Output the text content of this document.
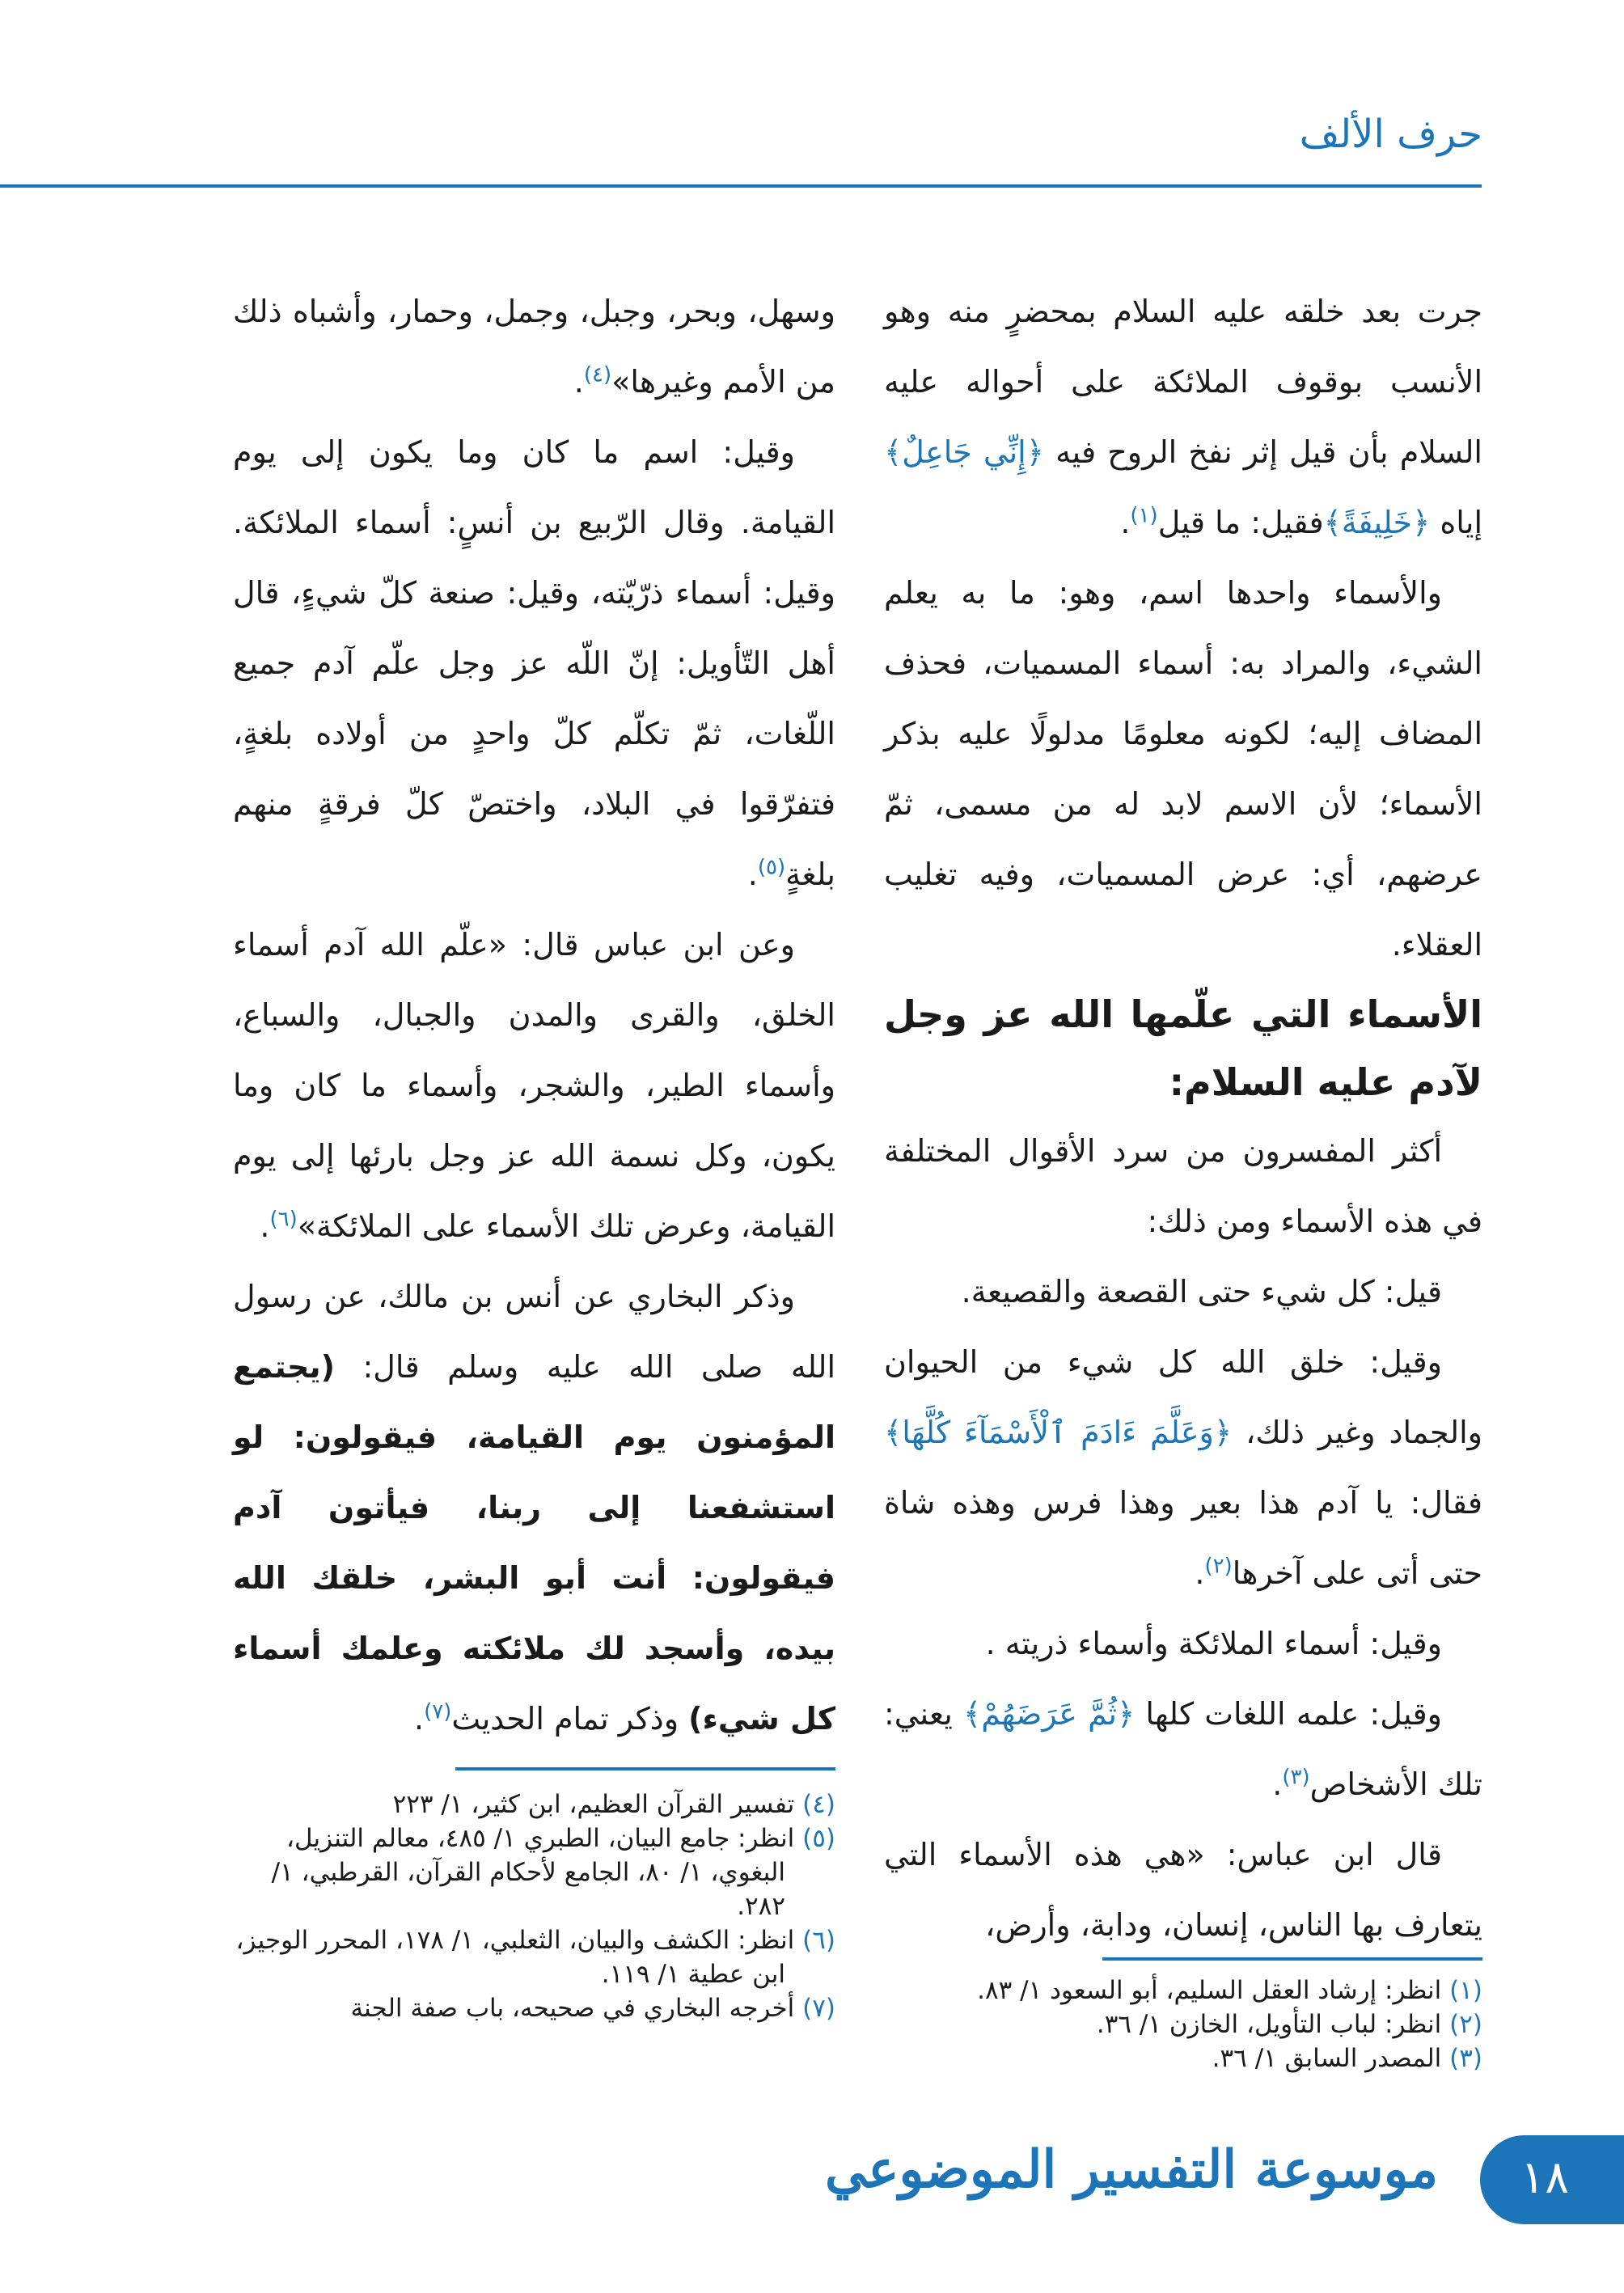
حرف الألف

جرت بعد خلقه عليه السلام بمحضرٍ منه وهو الأنسب بوقوف الملائكة على أحواله عليه السلام بأن قيل إثر نفخ الروح فيه ﴿إِنِّي جَاعِلٌ﴾إياه ﴿خَلِيفَةً﴾فقيل: ما قيل$^{(١)}$.

والأسماء واحدها اسم، وهو: ما به يعلم الشيء، والمراد به: أسماء المسميات، فحذف المضاف إليه؛ لكونه معلومًا مدلولًا عليه بذكر الأسماء؛ لأن الاسم لابد له من مسمى، ثمّ عرضهم، أي: عرض المسميات، وفيه تغليب العقلاء.

الأسماء التي علّمها الله عز وجل لآدم عليه السلام:

أكثر المفسرون من سرد الأقوال المختلفة في هذه الأسماء ومن ذلك:

قيل: كل شيء حتى القصعة والقصيعة.

وقيل: خلق الله كل شيء من الحيوان والجماد وغير ذلك، ﴿وَعَلَّمَ ءَادَمَ ٱلْأَسْمَآءَ كُلَّهَا﴾فقال: يا آدم هذا بعير وهذا فرس وهذه شاة حتى أتى على آخرها$^{(٢)}$.

وقيل: أسماء الملائكة وأسماء ذريته .

وقيل: علمه اللغات كلها ﴿ثُمَّ عَرَضَهُمْ﴾ يعني: تلك الأشخاص$^{(٣)}$.

قال ابن عباس: «هي هذه الأسماء التي يتعارف بها الناس، إنسان، ودابة، وأرض،

وسهل، وبحر، وجبل، وجمل، وحمار، وأشباه ذلك من الأمم وغيرها»$^{(٤)}$.

وقيل: اسم ما كان وما يكون إلى يوم القيامة. وقال الرّبيع بن أنسٍ: أسماء الملائكة. وقيل: أسماء ذرّيّته، وقيل: صنعة كلّ شيءٍ، قال أهل التّأويل: إنّ اللّه عز وجل علّم آدم جميع اللّغات، ثمّ تكلّم كلّ واحدٍ من أولاده بلغةٍ، فتفرّقوا في البلاد، واختصّ كلّ فرقةٍ منهم بلغةٍ$^{(٥)}$.

وعن ابن عباس قال: «علّم الله آدم أسماء الخلق، والقرى والمدن والجبال، والسباع، وأسماء الطير، والشجر، وأسماء ما كان وما يكون، وكل نسمة الله عز وجل بارئها إلى يوم القيامة، وعرض تلك الأسماء على الملائكة»$^{(٦)}$.

وذكر البخاري عن أنس بن مالك، عن رسول الله صلى الله عليه وسلم قال: (يجتمع المؤمنون يوم القيامة، فيقولون: لو استشفعنا إلى ربنا، فيأتون آدم فيقولون: أنت أبو البشر، خلقك الله بيده، وأسجد لك ملائكته وعلمك أسماء كل شيء) وذكر تمام الحديث$^{(٧)}$.

(١) انظر: إرشاد العقل السليم، أبو السعود ١/ ٨٣.

(٢) انظر: لباب التأويل، الخازن ١/ ٣٦.

(٣) المصدر السابق ١/ ٣٦.

(٤) تفسير القرآن العظيم، ابن كثير، ١/ ٢٢٣

(٥) انظر: جامع البيان، الطبري ١/ ٤٨٥، معالم التنزيل، البغوي، ١/ ٨٠، الجامع لأحكام القرآن، القرطبي، ١/ ٢٨٢.

(٦) انظر: الكشف والبيان، الثعلبي، ١/ ١٧٨، المحرر الوجيز، ابن عطية ١/ ١١٩.

(٧) أخرجه البخاري في صحيحه، باب صفة الجنة

موسوعة التفسير الموضوعي ١٨
